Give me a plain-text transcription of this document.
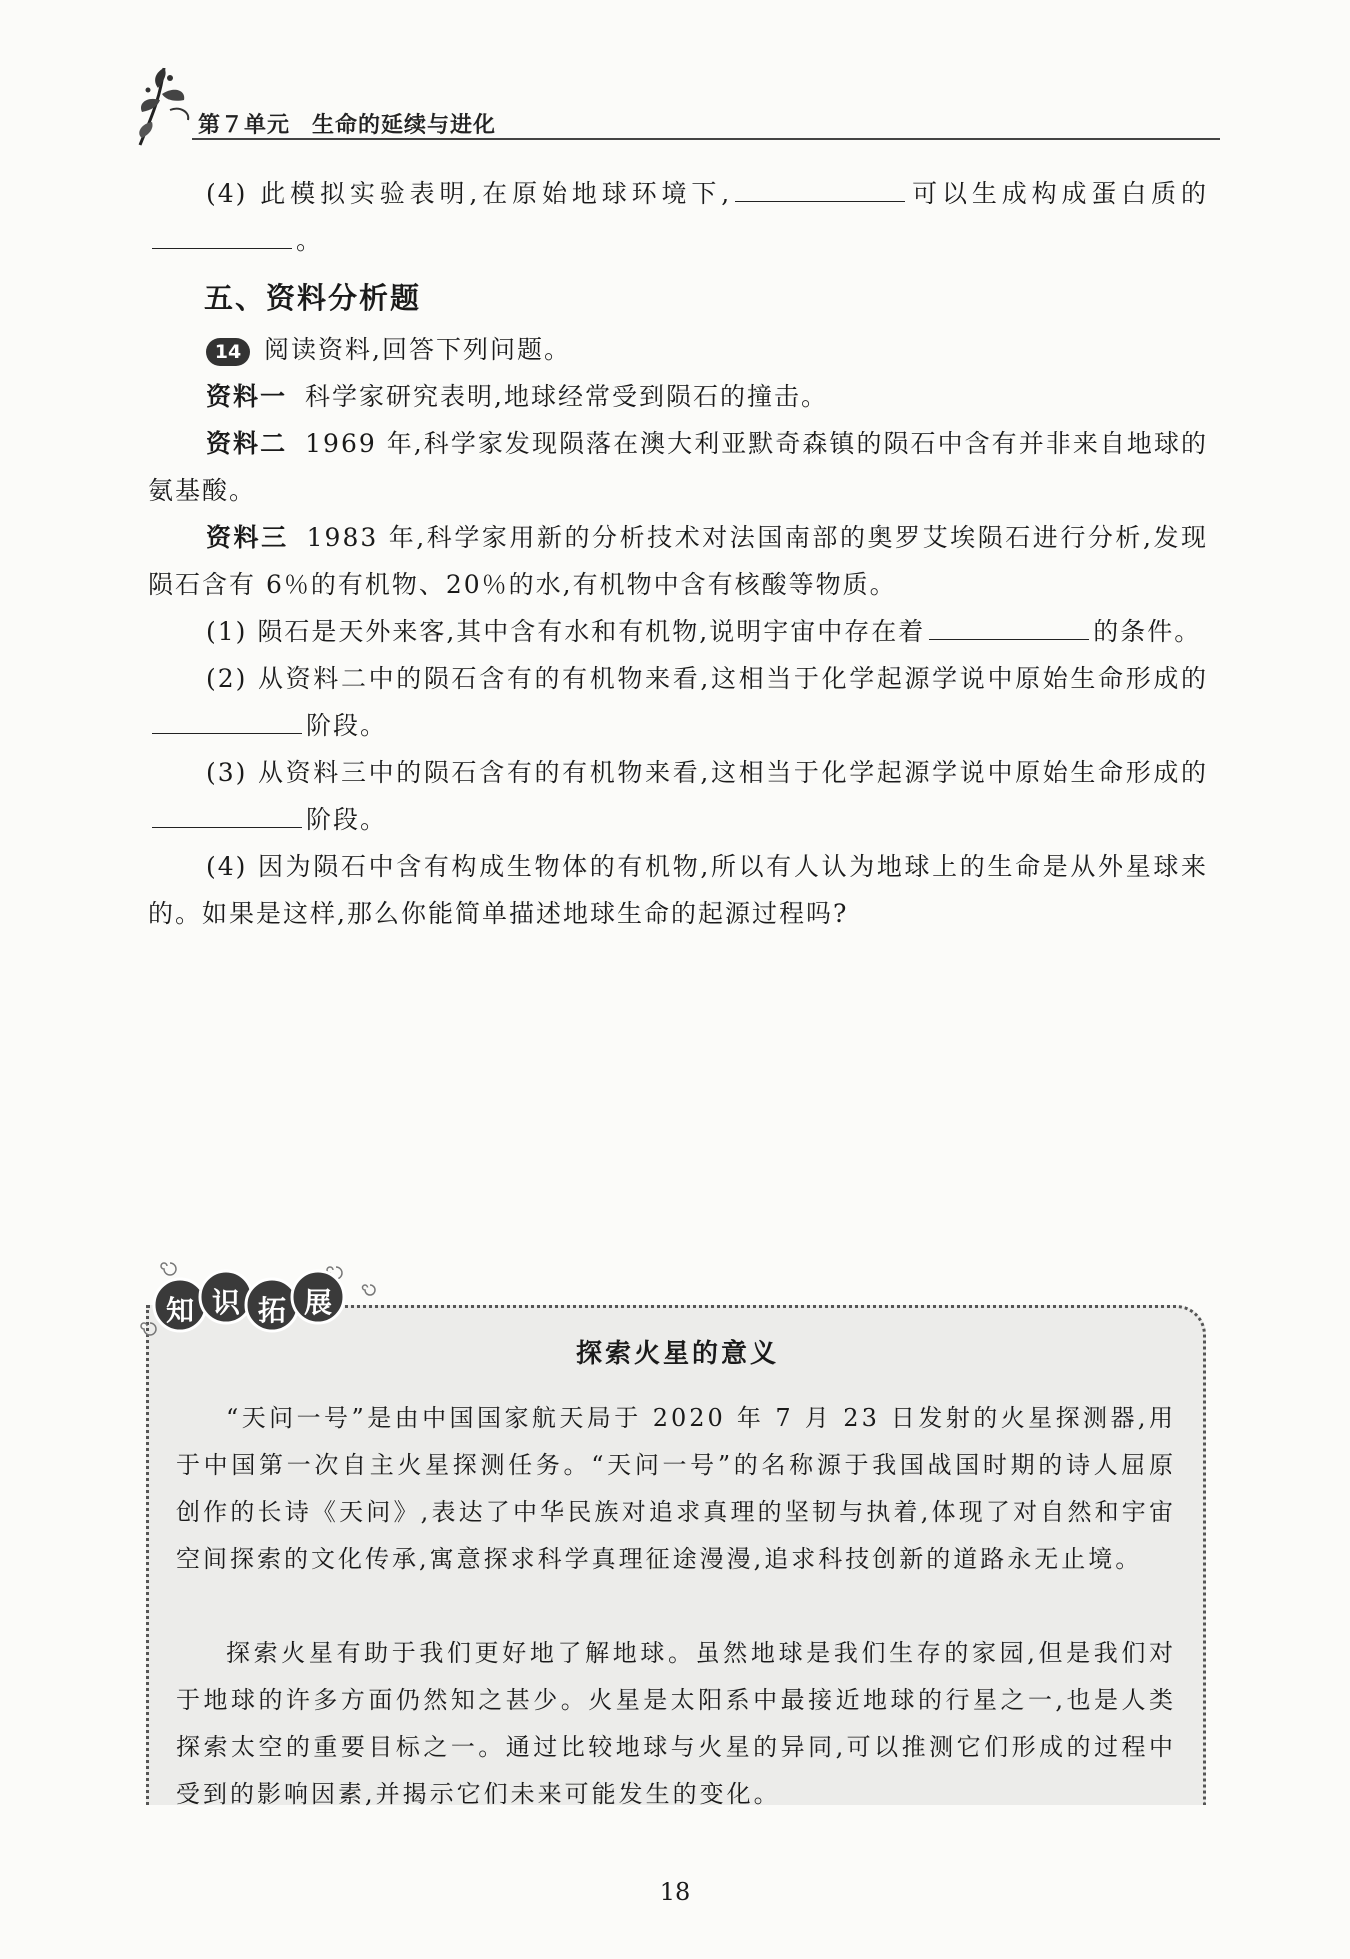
第７单元 生命的延续与进化

(4) 此模拟实验表明,在原始地球环境下,	可以生成构成蛋白质的。

五、资料分析题

14 阅读资料,回答下列问题。

资料一 科学家研究表明,地球经常受到陨石的撞击。

资料二 1969 年,科学家发现陨落在澳大利亚默奇森镇的陨石中含有并非来自地球的氨基酸。

资料三 1983 年,科学家用新的分析技术对法国南部的奥罗艾埃陨石进行分析,发现陨石含有 6％的有机物、20％的水,有机物中含有核酸等物质。

(1) 陨石是天外来客,其中含有水和有机物,说明宇宙中存在着	的条件。

(2) 从资料二中的陨石含有的有机物来看,这相当于化学起源学说中原始生命形成的阶段。

(3) 从资料三中的陨石含有的有机物来看,这相当于化学起源学说中原始生命形成的阶段。

(4) 因为陨石中含有构成生物体的有机物,所以有人认为地球上的生命是从外星球来的。如果是这样,那么你能简单描述地球生命的起源过程吗?

知 识 拓 展
探索火星的意义

“天问一号”是由中国国家航天局于 2020 年 7 月 23 日发射的火星探测器,用于中国第一次自主火星探测任务。“天问一号”的名称源于我国战国时期的诗人屈原创作的长诗《天问》,表达了中华民族对追求真理的坚韧与执着,体现了对自然和宇宙空间探索的文化传承,寓意探求科学真理征途漫漫,追求科技创新的道路永无止境。

探索火星有助于我们更好地了解地球。虽然地球是我们生存的家园,但是我们对于地球的许多方面仍然知之甚少。火星是太阳系中最接近地球的行星之一,也是人类探索太空的重要目标之一。通过比较地球与火星的异同,可以推测它们形成的过程中受到的影响因素,并揭示它们未来可能发生的变化。

18
